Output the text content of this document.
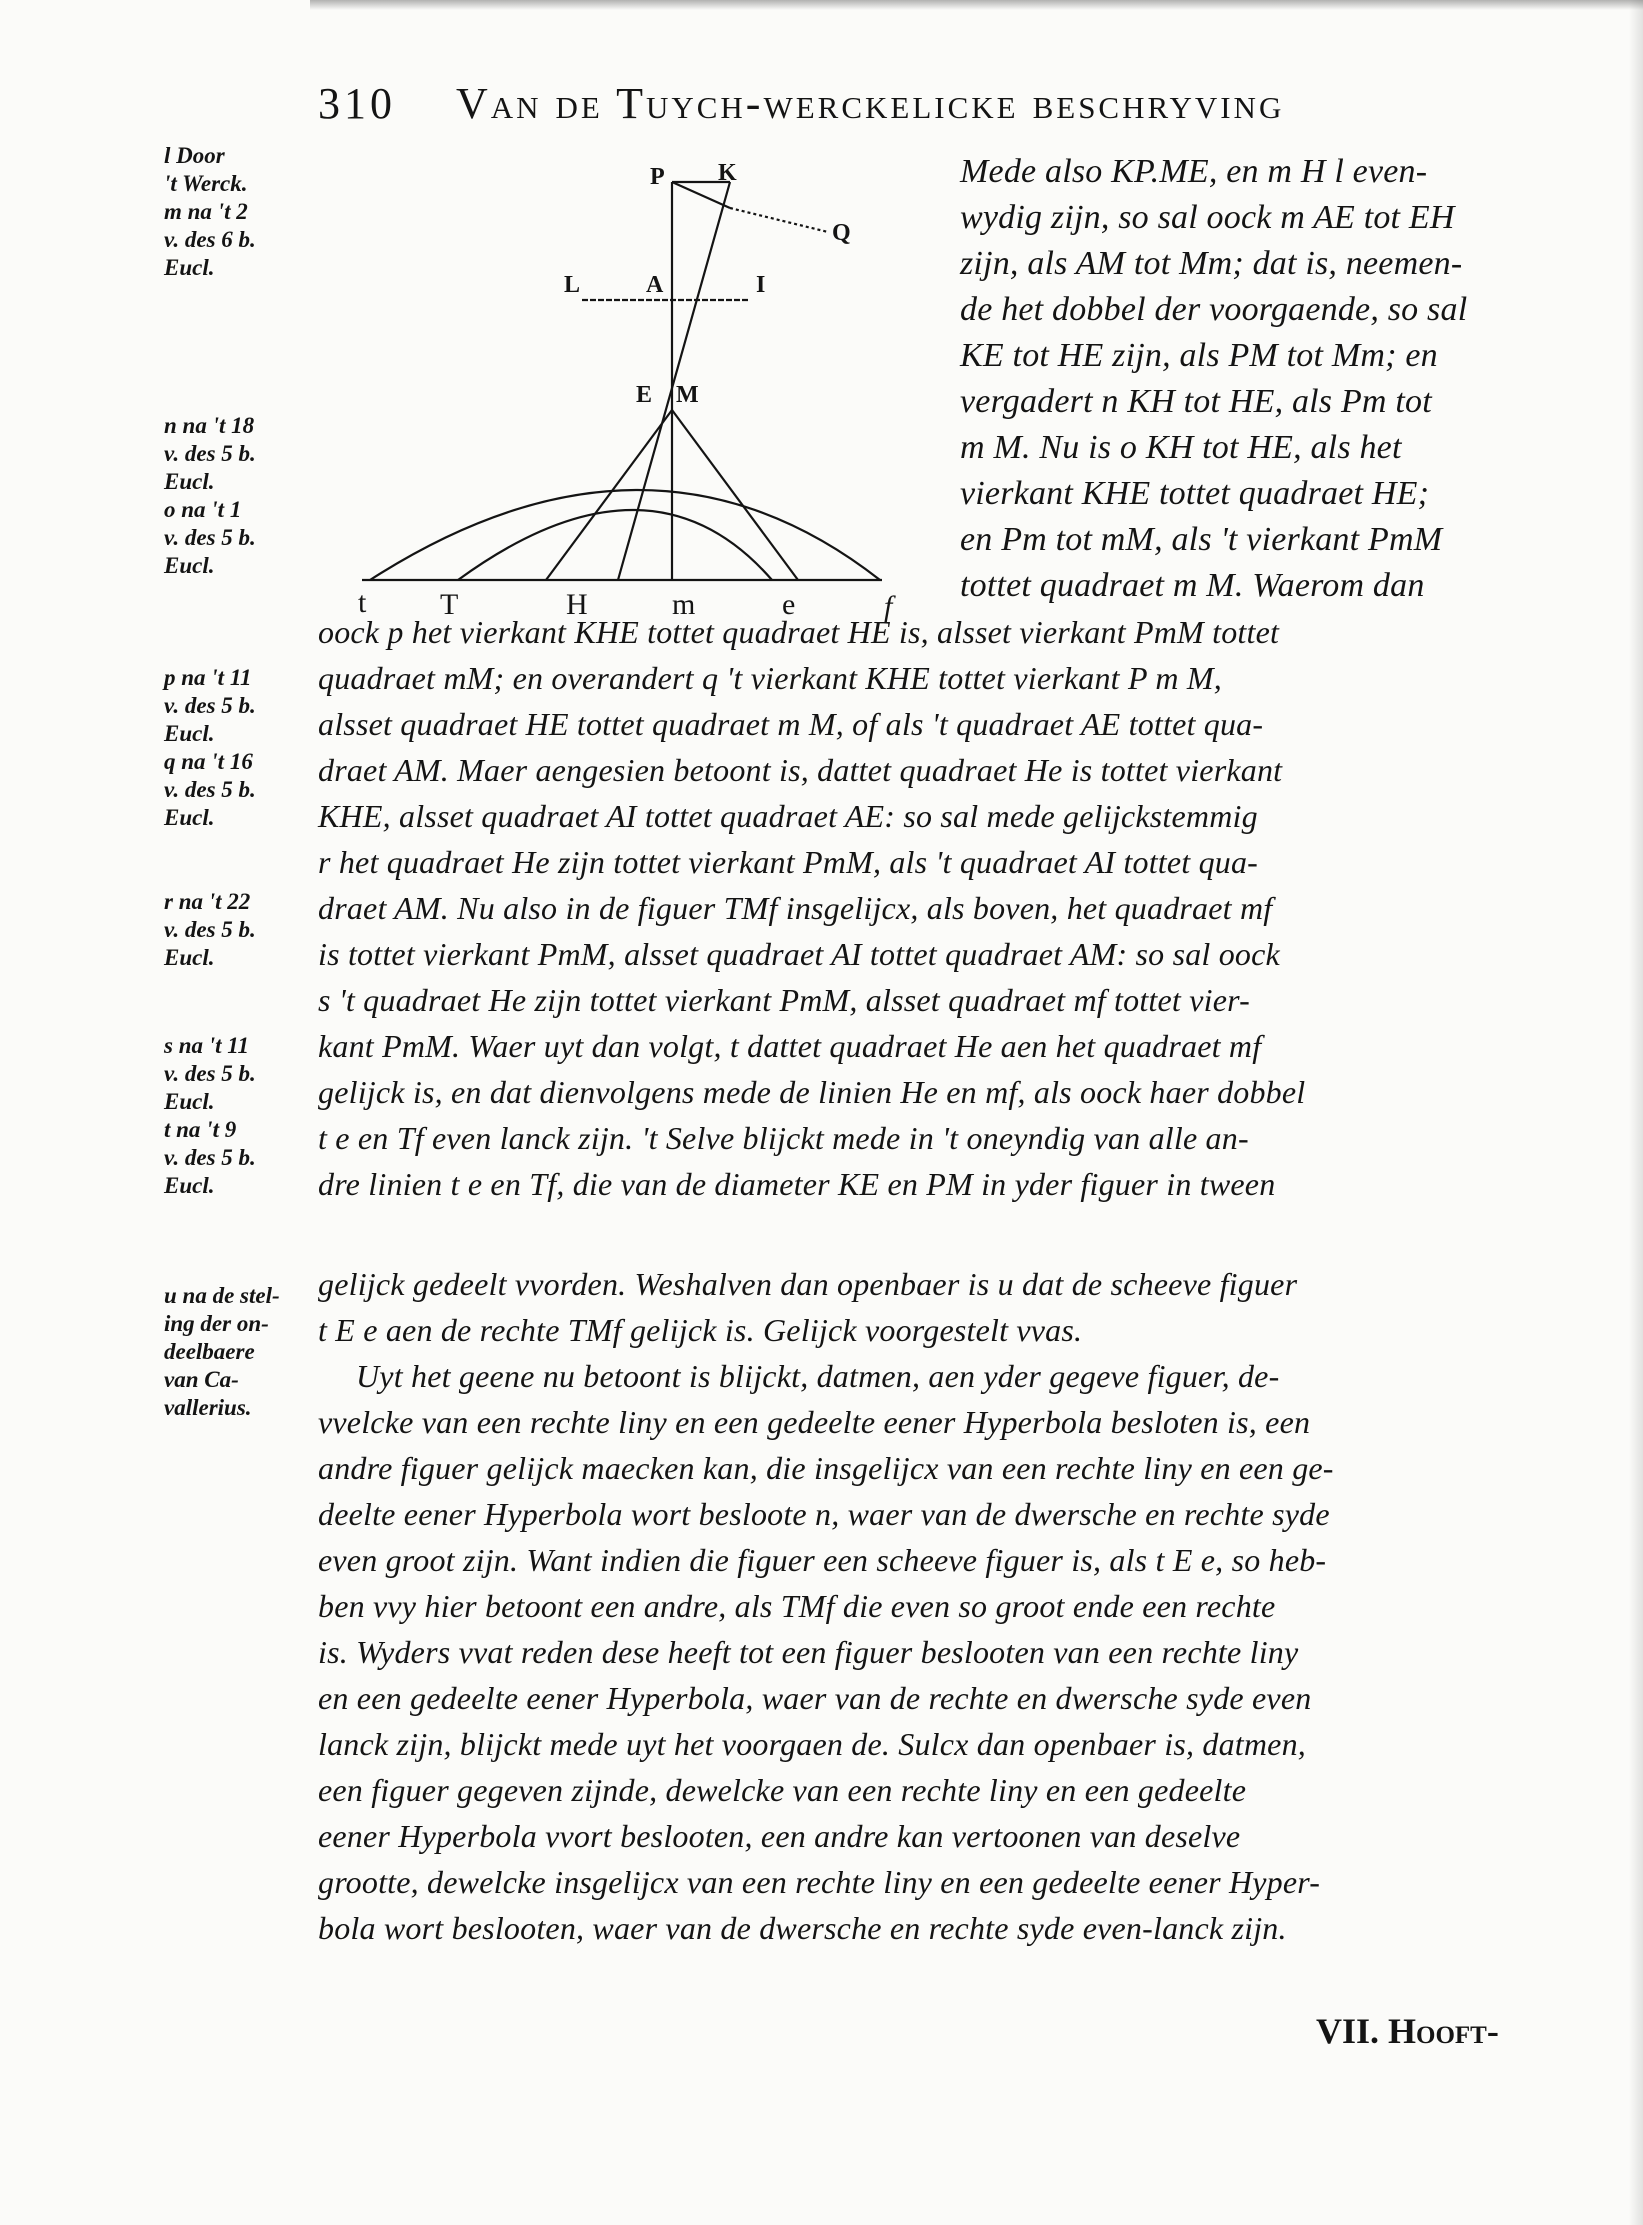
310 Van de Tuych-werckelicke beschryving
l Door
't Werck.
m na 't 2
v. des 6 b.
Eucl.
n na 't 18
v. des 5 b.
Eucl.
o na 't 1
v. des 5 b.
Eucl.
p na 't 11
v. des 5 b.
Eucl.
q na 't 16
v. des 5 b.
Eucl.
r na 't 22
v. des 5 b.
Eucl.
s na 't 11
v. des 5 b.
Eucl.
t na 't 9
v. des 5 b.
Eucl.
u na de stel-
ing der on-
deelbaere
van Ca-
vallerius.
P K
Q
L	A	I
E M
t T	H	m	e	f
Mede also KP.ME, en m H l even-
wydig zijn, so sal oock m AE tot EH
zijn, als AM tot Mm; dat is, neemen-
de het dobbel der voorgaende, so sal
KE tot HE zijn, als PM tot Mm; en
vergadert n KH tot HE, als Pm tot
m M. Nu is o KH tot HE, als het
vierkant KHE tottet quadraet HE;
en Pm tot mM, als 't vierkant PmM
tottet quadraet m M. Waerom dan
oock p het vierkant KHE tottet quadraet HE is, alsset vierkant PmM tottet
quadraet mM; en overandert q 't vierkant KHE tottet vierkant P m M,
alsset quadraet HE tottet quadraet m M, of als 't quadraet AE tottet qua-
draet AM. Maer aengesien betoont is, dattet quadraet He is tottet vierkant
KHE, alsset quadraet AI tottet quadraet AE: so sal mede gelijckstemmig
r het quadraet He zijn tottet vierkant PmM, als 't quadraet AI tottet qua-
draet AM. Nu also in de figuer TMf insgelijcx, als boven, het quadraet mf
is tottet vierkant PmM, alsset quadraet AI tottet quadraet AM: so sal oock
s 't quadraet He zijn tottet vierkant PmM, alsset quadraet mf tottet vier-
kant PmM. Waer uyt dan volgt, t dattet quadraet He aen het quadraet mf
gelijck is, en dat dienvolgens mede de linien He en mf, als oock haer dobbel
t e en Tf even lanck zijn. 't Selve blijckt mede in 't oneyndig van alle an-
dre linien t e en Tf, die van de diameter KE en PM in yder figuer in tween
gelijck gedeelt vvorden. Weshalven dan openbaer is u dat de scheeve figuer
t E e aen de rechte TMf gelijck is. Gelijck voorgestelt vvas.
Uyt het geene nu betoont is blijckt, datmen, aen yder gegeve figuer, de-
vvelcke van een rechte liny en een gedeelte eener Hyperbola besloten is, een
andre figuer gelijck maecken kan, die insgelijcx van een rechte liny en een ge-
deelte eener Hyperbola wort besloote n, waer van de dwersche en rechte syde
even groot zijn. Want indien die figuer een scheeve figuer is, als t E e, so heb-
ben vvy hier betoont een andre, als TMf die even so groot ende een rechte
is. Wyders vvat reden dese heeft tot een figuer beslooten van een rechte liny
en een gedeelte eener Hyperbola, waer van de rechte en dwersche syde even
lanck zijn, blijckt mede uyt het voorgaen de. Sulcx dan openbaer is, datmen,
een figuer gegeven zijnde, dewelcke van een rechte liny en een gedeelte
eener Hyperbola vvort beslooten, een andre kan vertoonen van deselve
grootte, dewelcke insgelijcx van een rechte liny en een gedeelte eener Hyper-
bola wort beslooten, waer van de dwersche en rechte syde even-lanck zijn.
VII. Hooft-
